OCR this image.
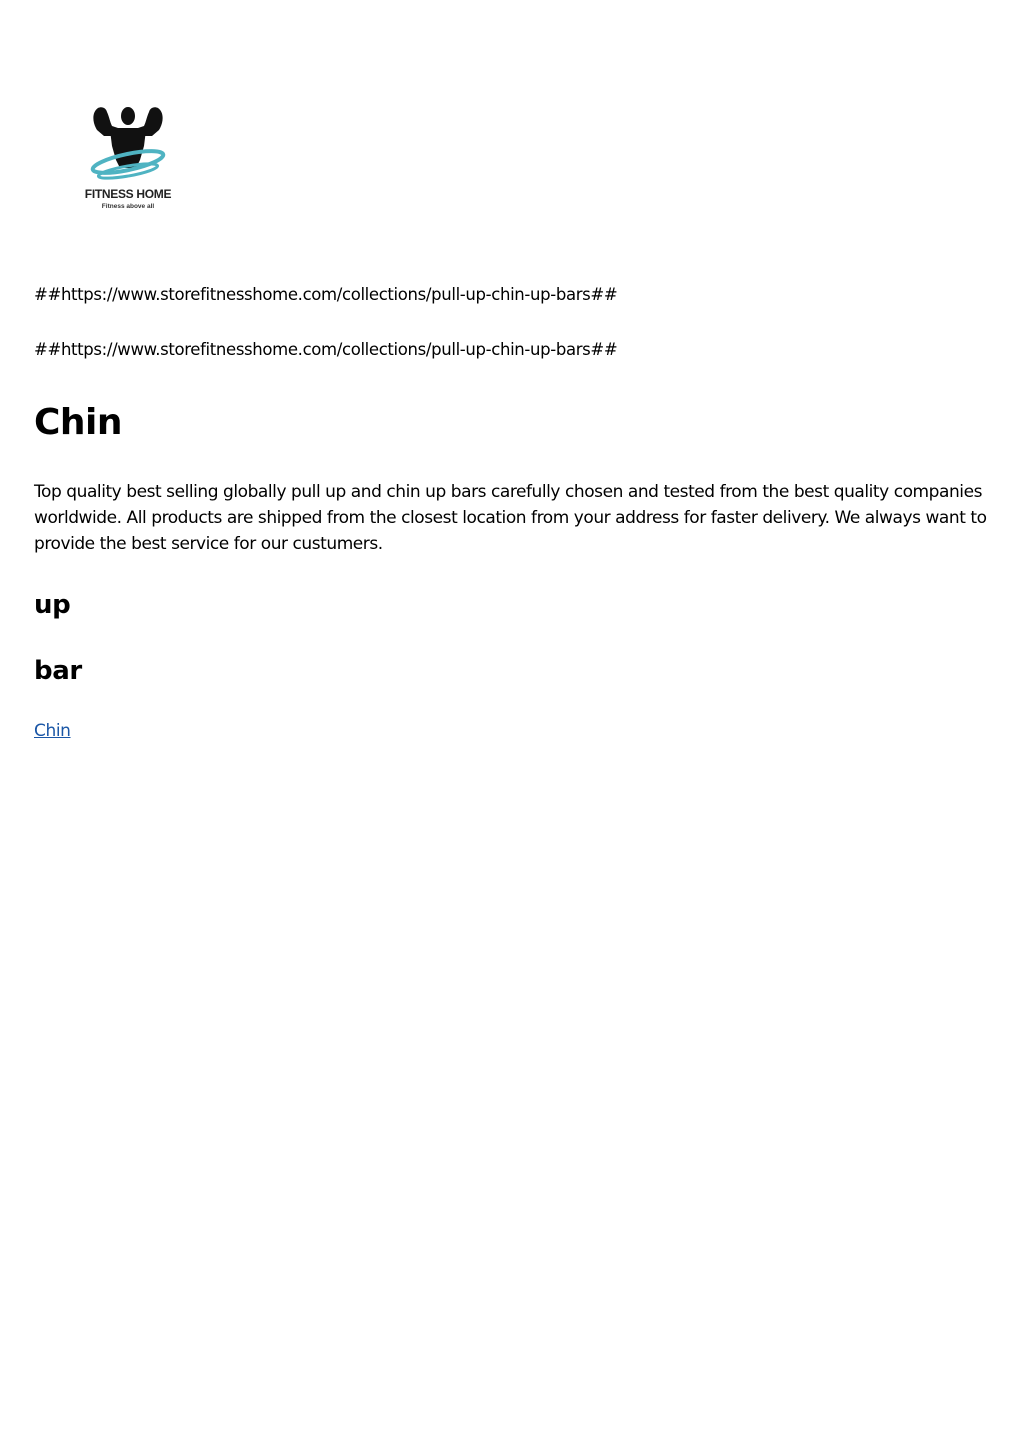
FITNESS HOME
Fitness above all
##https://www.storefitnesshome.com/collections/pull-up-chin-up-bars##
##https://www.storefitnesshome.com/collections/pull-up-chin-up-bars##
Chin

Top quality best selling globally pull up and chin up bars carefully chosen and tested from the best quality companies worldwide. All products are shipped from the closest location from your address for faster delivery. We always want to provide the best service for our custumers.

up
bar
Chin
